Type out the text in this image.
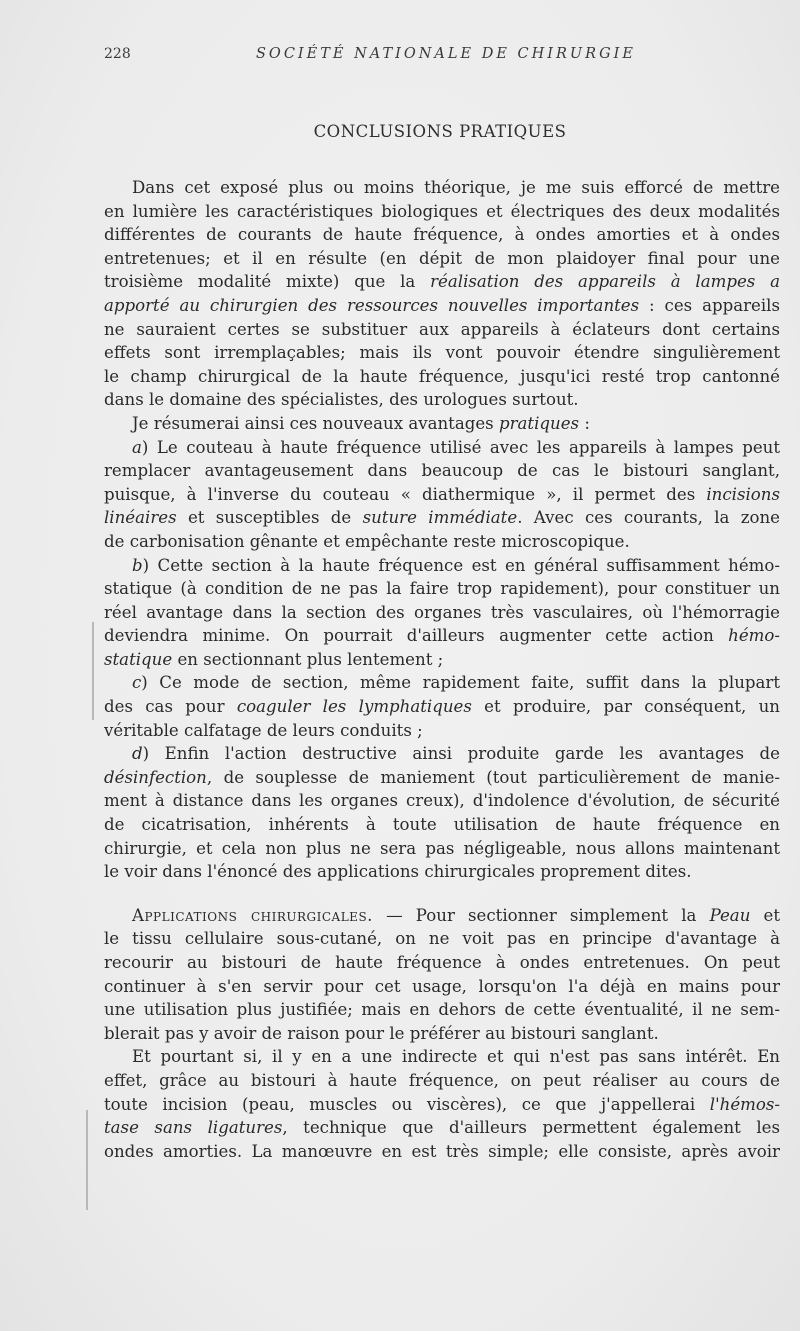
228	SOCIÉTÉ NATIONALE DE CHIRURGIE
CONCLUSIONS PRATIQUES
Dans cet exposé plus ou moins théorique, je me suis efforcé de mettre
en lumière les caractéristiques biologiques et électriques des deux modalités
différentes de courants de haute fréquence, à ondes amorties et à ondes
entretenues; et il en résulte (en dépit de mon plaidoyer final pour une
troisième modalité mixte) que la réalisation des appareils à lampes a
apporté au chirurgien des ressources nouvelles importantes : ces appareils
ne sauraient certes se substituer aux appareils à éclateurs dont certains
effets sont irremplaçables; mais ils vont pouvoir étendre singulièrement
le champ chirurgical de la haute fréquence, jusqu'ici resté trop cantonné
dans le domaine des spécialistes, des urologues surtout.
Je résumerai ainsi ces nouveaux avantages pratiques :
a) Le couteau à haute fréquence utilisé avec les appareils à lampes peut
remplacer avantageusement dans beaucoup de cas le bistouri sanglant,
puisque, à l'inverse du couteau « diathermique », il permet des incisions
linéaires et susceptibles de suture immédiate. Avec ces courants, la zone
de carbonisation gênante et empêchante reste microscopique.
b) Cette section à la haute fréquence est en général suffisamment hémo-
statique (à condition de ne pas la faire trop rapidement), pour constituer un
réel avantage dans la section des organes très vasculaires, où l'hémorragie
deviendra minime. On pourrait d'ailleurs augmenter cette action hémo-
statique en sectionnant plus lentement ;
c) Ce mode de section, même rapidement faite, suffit dans la plupart
des cas pour coaguler les lymphatiques et produire, par conséquent, un
véritable calfatage de leurs conduits ;
d) Enfin l'action destructive ainsi produite garde les avantages de
désinfection, de souplesse de maniement (tout particulièrement de manie-
ment à distance dans les organes creux), d'indolence d'évolution, de sécurité
de cicatrisation, inhérents à toute utilisation de haute fréquence en
chirurgie, et cela non plus ne sera pas négligeable, nous allons maintenant
le voir dans l'énoncé des applications chirurgicales proprement dites.
Applications chirurgicales. — Pour sectionner simplement la Peau et
le tissu cellulaire sous-cutané, on ne voit pas en principe d'avantage à
recourir au bistouri de haute fréquence à ondes entretenues. On peut
continuer à s'en servir pour cet usage, lorsqu'on l'a déjà en mains pour
une utilisation plus justifiée; mais en dehors de cette éventualité, il ne sem-
blerait pas y avoir de raison pour le préférer au bistouri sanglant.
Et pourtant si, il y en a une indirecte et qui n'est pas sans intérêt. En
effet, grâce au bistouri à haute fréquence, on peut réaliser au cours de
toute incision (peau, muscles ou viscères), ce que j'appellerai l'hémos-
tase sans ligatures, technique que d'ailleurs permettent également les
ondes amorties. La manœuvre en est très simple; elle consiste, après avoir
